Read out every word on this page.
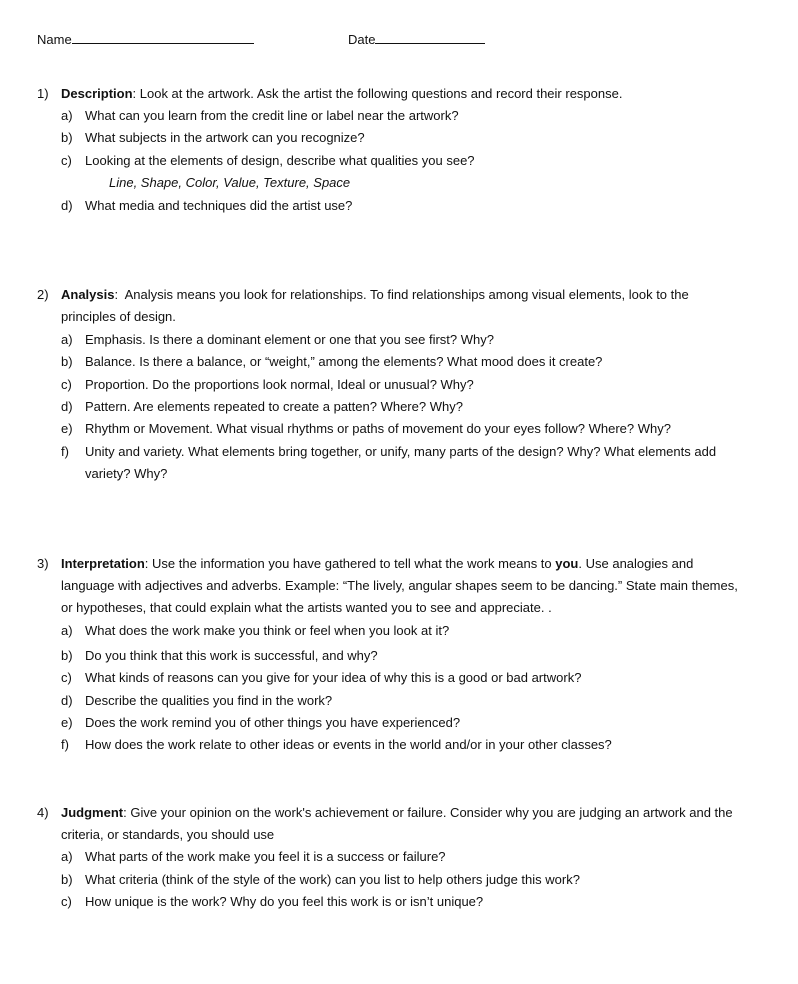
Name	Date
1) Description: Look at the artwork. Ask the artist the following questions and record their response.
a) What can you learn from the credit line or label near the artwork?
b) What subjects in the artwork can you recognize?
c) Looking at the elements of design, describe what qualities you see?
Line, Shape, Color, Value, Texture, Space
d) What media and techniques did the artist use?
2) Analysis:  Analysis means you look for relationships. To find relationships among visual elements, look to the
principles of design.
a) Emphasis. Is there a dominant element or one that you see first? Why?
b) Balance. Is there a balance, or “weight,” among the elements? What mood does it create?
c) Proportion. Do the proportions look normal, Ideal or unusual? Why?
d) Pattern. Are elements repeated to create a patten? Where? Why?
e) Rhythm or Movement. What visual rhythms or paths of movement do your eyes follow? Where? Why?
f) Unity and variety. What elements bring together, or unify, many parts of the design? Why? What elements add
variety? Why?
3) Interpretation: Use the information you have gathered to tell what the work means to you. Use analogies and
language with adjectives and adverbs. Example: “The lively, angular shapes seem to be dancing.” State main themes,
or hypotheses, that could explain what the artists wanted you to see and appreciate. .
a) What does the work make you think or feel when you look at it?
b) Do you think that this work is successful, and why?
c) What kinds of reasons can you give for your idea of why this is a good or bad artwork?
d) Describe the qualities you find in the work?
e) Does the work remind you of other things you have experienced?
f) How does the work relate to other ideas or events in the world and/or in your other classes?
4) Judgment: Give your opinion on the work's achievement or failure. Consider why you are judging an artwork and the
criteria, or standards, you should use
a) What parts of the work make you feel it is a success or failure?
b) What criteria (think of the style of the work) can you list to help others judge this work?
c) How unique is the work? Why do you feel this work is or isn’t unique?
